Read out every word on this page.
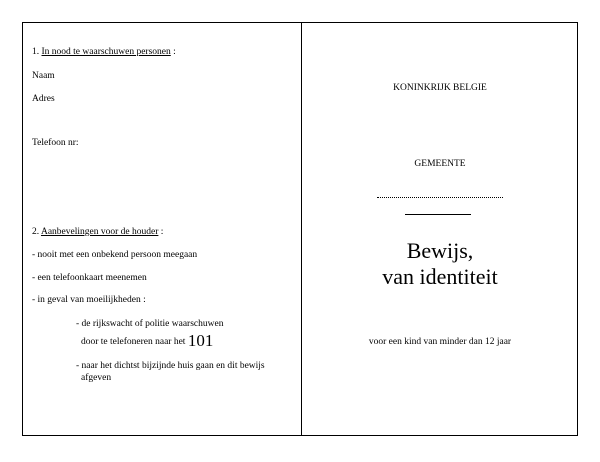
1. In nood te waarschuwen personen :
Naam
Adres
Telefoon nr:
2. Aanbevelingen voor de houder :
- nooit met een onbekend persoon meegaan
- een telefoonkaart meenemen
- in geval van moeilijkheden :
- de rijkswacht of politie waarschuwen
door te telefoneren naar het 101
- naar het dichtst bijzijnde huis gaan en dit bewijs
afgeven
KONINKRIJK BELGIE
GEMEENTE
Bewijs,
van identiteit
voor een kind van minder dan 12 jaar
